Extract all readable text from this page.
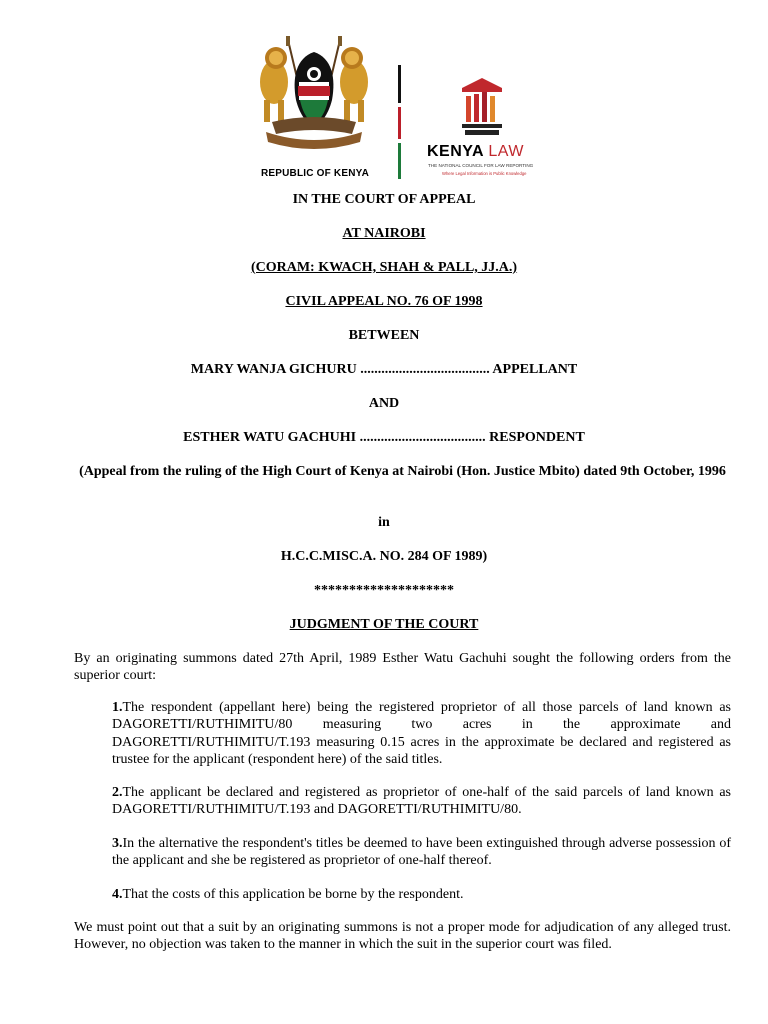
REPUBLIC OF KENYA
KENYA LAW
THE NATIONAL COUNCIL FOR LAW REPORTING
Where Legal Information is Public Knowledge
IN THE COURT OF APPEAL
AT NAIROBI
(CORAM: KWACH, SHAH & PALL, JJ.A.)
CIVIL APPEAL NO. 76 OF 1998
BETWEEN
MARY WANJA GICHURU ..................................... APPELLANT
AND
ESTHER WATU GACHUHI .................................... RESPONDENT
(Appeal from the ruling of the High Court of Kenya at Nairobi (Hon. Justice Mbito) dated 9th October, 1996
in
H.C.C.MISC.A. NO. 284 OF 1989)
********************
JUDGMENT OF THE COURT
By an originating summons dated 27th April, 1989 Esther Watu Gachuhi sought the following orders from the superior court:
1.The respondent (appellant here) being the registered proprietor of all those parcels of land known as DAGORETTI/RUTHIMITU/80 measuring two acres in the approximate and DAGORETTI/RUTHIMITU/T.193 measuring 0.15 acres in the approximate be declared and registered as trustee for the applicant (respondent here) of the said titles.
2.The applicant be declared and registered as proprietor of one-half of the said parcels of land known as DAGORETTI/RUTHIMITU/T.193 and DAGORETTI/RUTHIMITU/80.
3.In the alternative the respondent's titles be deemed to have been extinguished through adverse possession of the applicant and she be registered as proprietor of one-half thereof.
4.That the costs of this application be borne by the respondent.
We must point out that a suit by an originating summons is not a proper mode for adjudication of any alleged trust. However, no objection was taken to the manner in which the suit in the superior court was filed.
